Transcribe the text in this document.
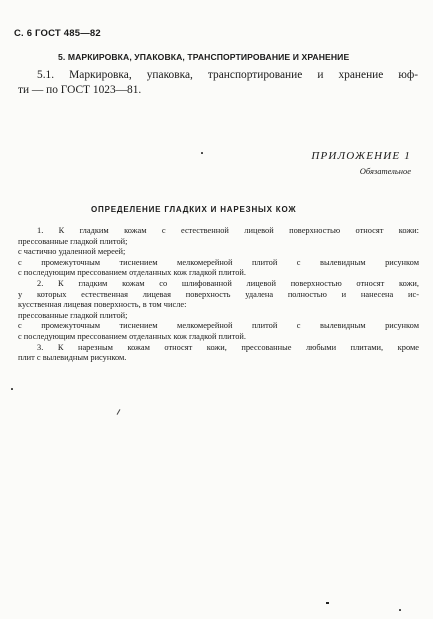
С. 6 ГОСТ 485—82
5. МАРКИРОВКА, УПАКОВКА, ТРАНСПОРТИРОВАНИЕ И ХРАНЕНИЕ
5.1. Маркировка, упаковка, транспортирование и хранение юф-
ти — по ГОСТ 1023—81.
ПРИЛОЖЕНИЕ 1
Обязательное
ОПРЕДЕЛЕНИЕ ГЛАДКИХ И НАРЕЗНЫХ КОЖ
1. К гладким кожам с естественной лицевой поверхностью относят кожи:
прессованные гладкой плитой;
с частично удаленной мереей;
с промежуточным тиснением мелкомерейной плитой с вылевидным рисунком
с последующим прессованием отделанных кож гладкой плитой.
2. К гладким кожам со шлифованной лицевой поверхностью относят кожи,
у которых естественная лицевая поверхность удалена полностью и нанесена ис-
кусственная лицевая поверхность, в том числе:
прессованные гладкой плитой;
с промежуточным тиснением мелкомерейной плитой с вылевидным рисунком
с последующим прессованием отделанных кож гладкой плитой.
3. К нарезным кожам относят кожи, прессованные любыми плитами, кроме
плит с вылевидным рисунком.
